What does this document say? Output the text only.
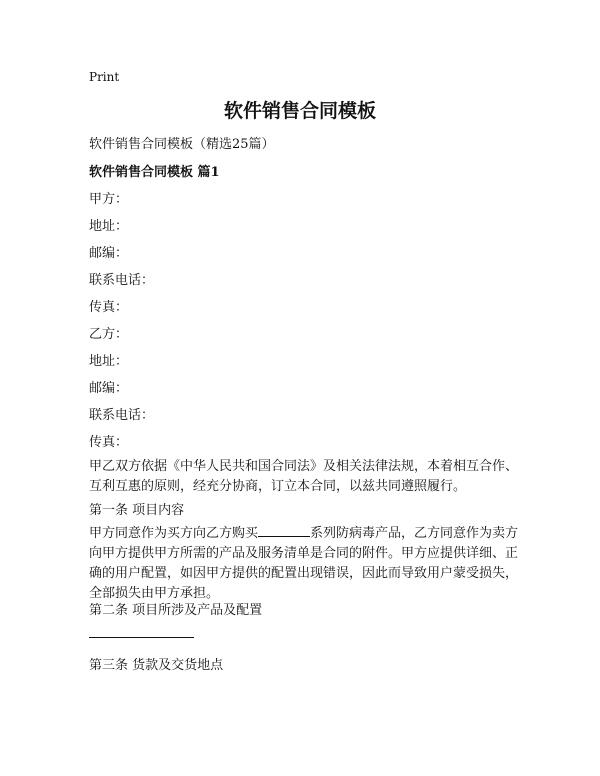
Print
软件销售合同模板
软件销售合同模板（精选25篇）
软件销售合同模板 篇1
甲方：
地址：
邮编：
联系电话：
传真：
乙方：
地址：
邮编：
联系电话：
传真：
甲乙双方依据《中华人民共和国合同法》及相关法律法规，本着相互合作、互利互惠的原则，经充分协商，订立本合同，以兹共同遵照履行。
第一条 项目内容
甲方同意作为买方向乙方购买	系列防病毒产品，乙方同意作为卖方向甲方提供甲方所需的产品及服务清单是合同的附件。甲方应提供详细、正确的用户配置，如因甲方提供的配置出现错误，因此而导致用户蒙受损失，全部损失由甲方承担。
第二条 项目所涉及产品及配置
第三条 货款及交货地点
